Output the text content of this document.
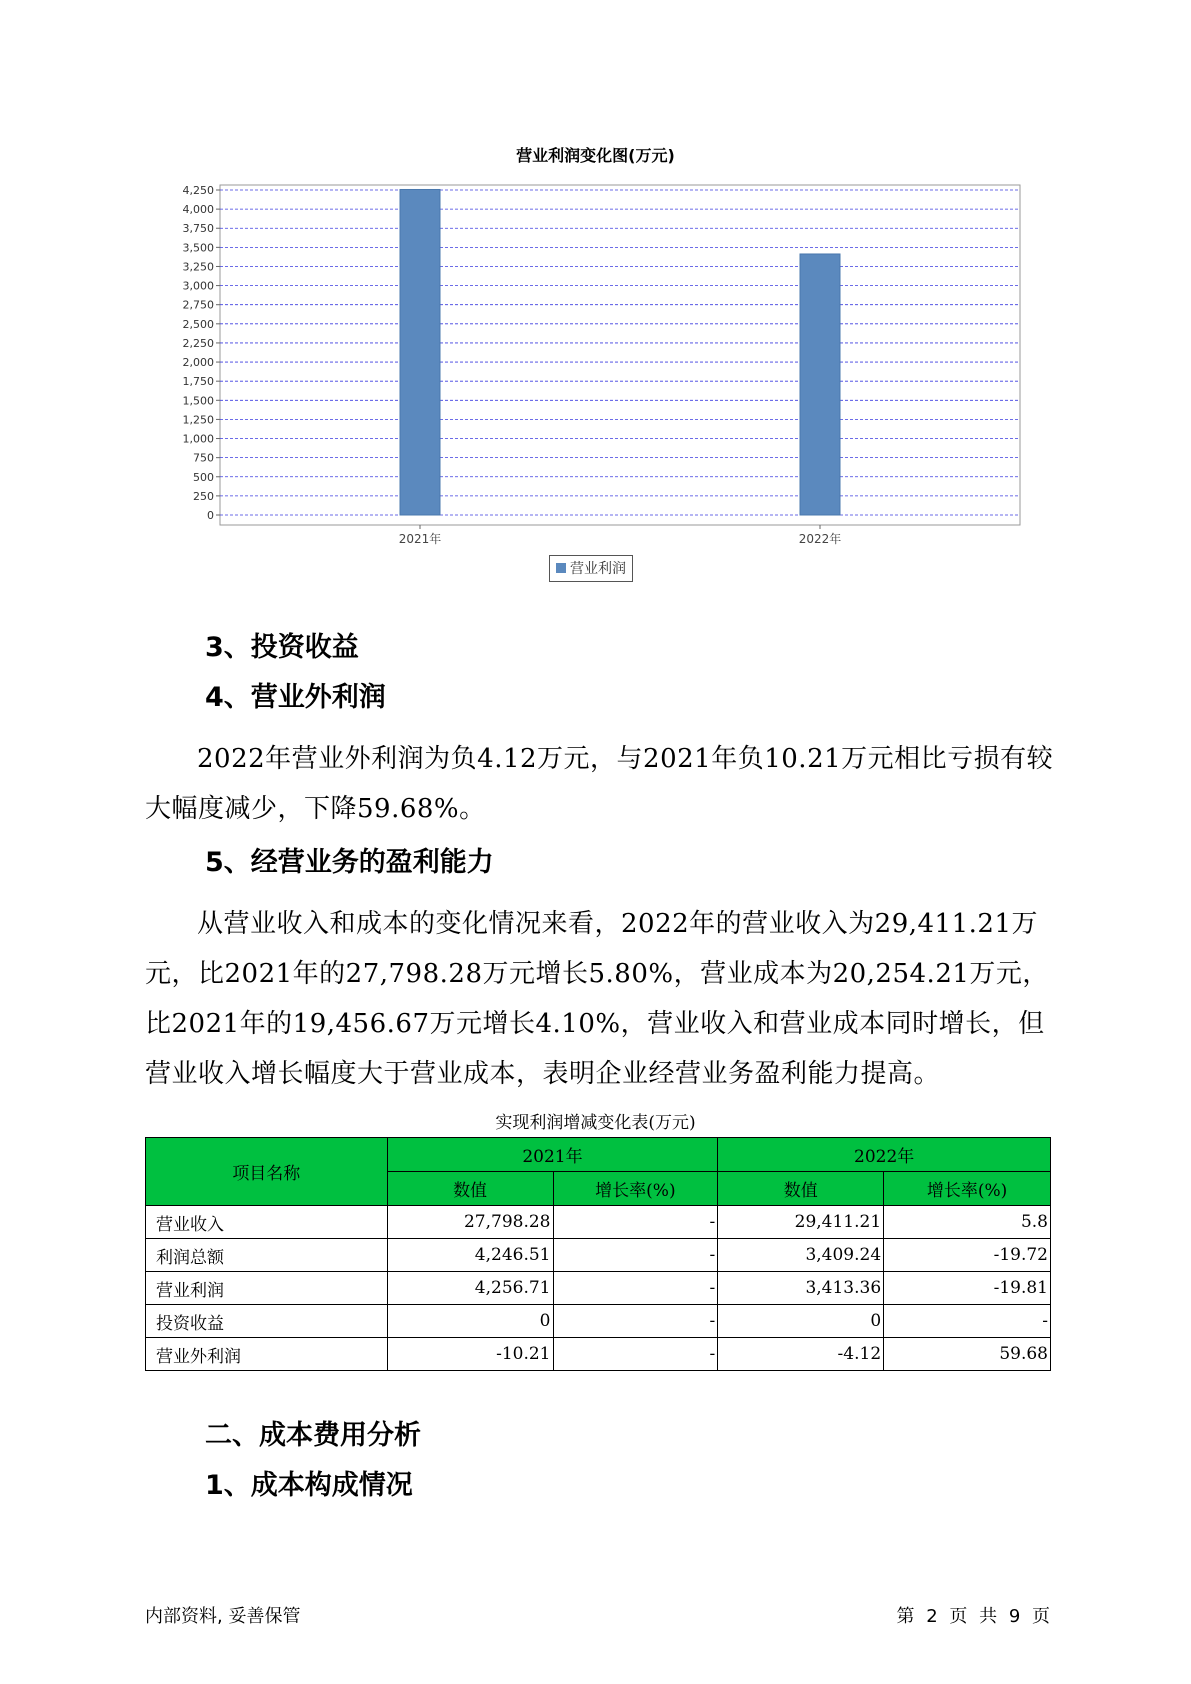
营业利润变化图(万元)
0
250
500
750
1,000
1,250
1,500
1,750
2,000
2,250
2,500
2,750
3,000
3,250
3,500
3,750
4,000
4,250
2021年	2022年
营业利润
3、投资收益
4、营业外利润
2022年营业外利润为负4.12万元，与2021年负10.21万元相比亏损有较大幅度减少，下降59.68%。
5、经营业务的盈利能力
从营业收入和成本的变化情况来看，2022年的营业收入为29,411.21万元，比2021年的27,798.28万元增长5.80%，营业成本为20,254.21万元，比2021年的19,456.67万元增长4.10%，营业收入和营业成本同时增长，但营业收入增长幅度大于营业成本，表明企业经营业务盈利能力提高。
实现利润增减变化表(万元)
项目名称	2021年		2022年	
	数值	增长率(%)	数值	增长率(%)
营业收入	27,798.28	-	29,411.21	5.8
利润总额	4,246.51	-	3,409.24	-19.72
营业利润	4,256.71	-	3,413.36	-19.81
投资收益	0	-	0	-
营业外利润	-10.21	-	-4.12	59.68
二、成本费用分析
1、成本构成情况
内部资料, 妥善保管	第 2 页 共 9 页
